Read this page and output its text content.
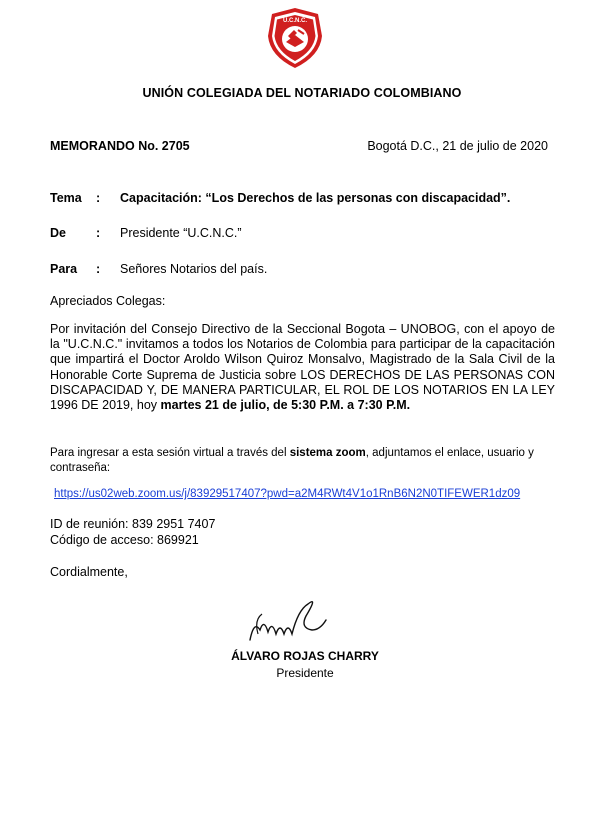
U.C.N.C.
UNIÓN COLEGIADA DEL NOTARIADO COLOMBIANO
MEMORANDO No. 2705	Bogotá D.C., 21 de julio de 2020
Tema : Capacitación: “Los Derechos de las personas con discapacidad”.
De : Presidente “U.C.N.C.”
Para : Señores Notarios del país.
Apreciados Colegas:
Por invitación del Consejo Directivo de la Seccional Bogota – UNOBOG, con el apoyo de la "U.C.N.C." invitamos a todos los Notarios de Colombia para participar de la capacitación que impartirá el Doctor Aroldo Wilson Quiroz Monsalvo, Magistrado de la Sala Civil de la Honorable Corte Suprema de Justicia sobre LOS DERECHOS DE LAS PERSONAS CON DISCAPACIDAD Y, DE MANERA PARTICULAR, EL ROL DE LOS NOTARIOS EN LA LEY 1996 DE 2019, hoy martes 21 de julio, de 5:30 P.M. a 7:30 P.M.
Para ingresar a esta sesión virtual a través del sistema zoom, adjuntamos el enlace, usuario y contraseña:
https://us02web.zoom.us/j/83929517407?pwd=a2M4RWt4V1o1RnB6N2N0TIFEWER1dz09
ID de reunión: 839 2951 7407
Código de acceso: 869921
Cordialmente,
ÁLVARO ROJAS CHARRY
Presidente
